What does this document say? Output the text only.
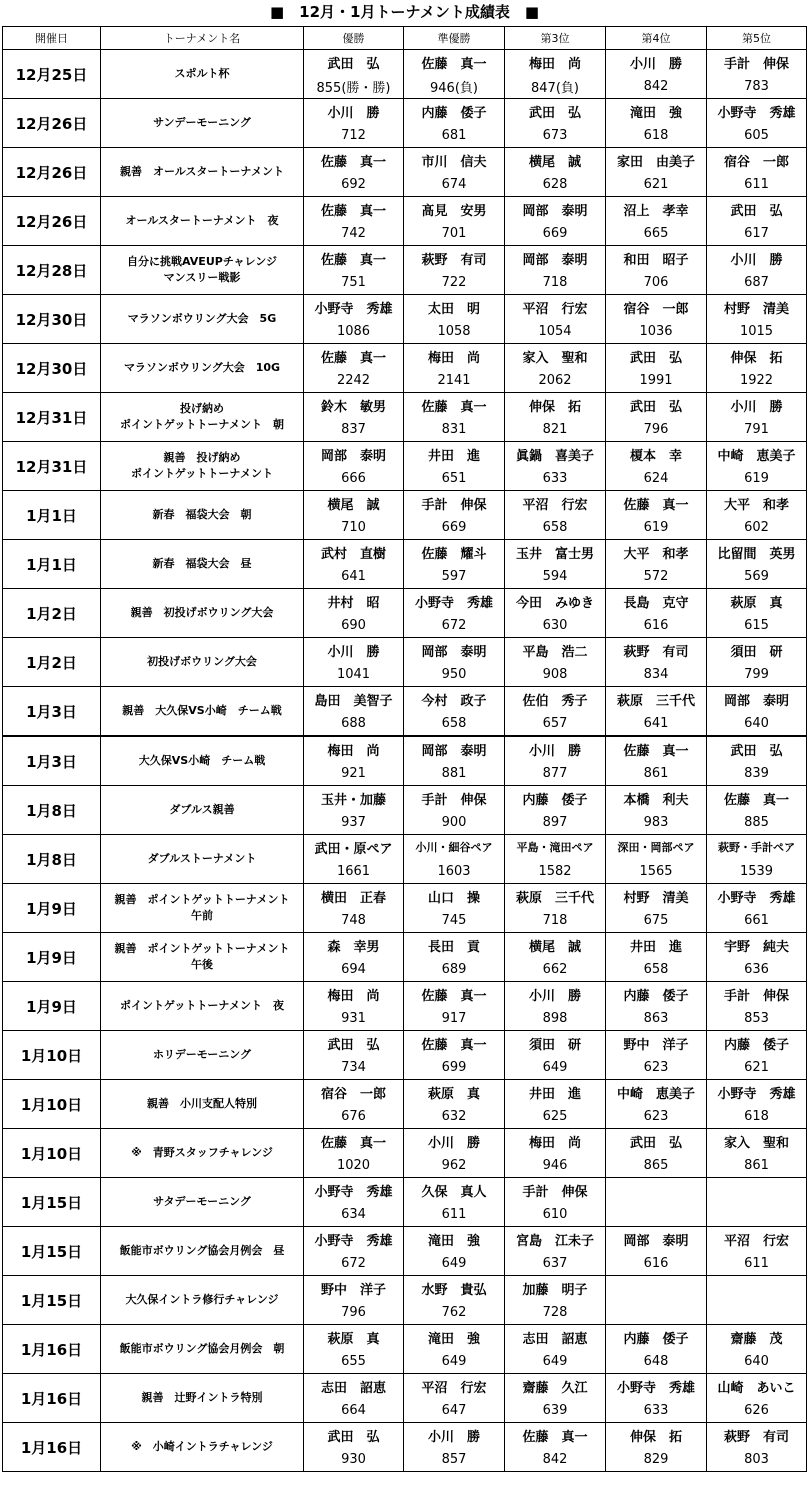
■　12月・1月トーナメント成績表　■
開催日	トーナメント名	優勝	準優勝	第3位	第4位	第5位
12月25日	スポルト杯	武田　弘	佐藤　真一	梅田　尚	小川　勝	手計　伸保
		855(勝・勝)	946(負)	847(負)	842	783
12月26日	サンデーモーニング	小川　勝	内藤　倭子	武田　弘	滝田　強	小野寺　秀雄
		712	681	673	618	605
12月26日	親善　オールスタートーナメント	佐藤　真一	市川　信夫	横尾　誠	家田　由美子	宿谷　一郎
		692	674	628	621	611
12月26日	オールスタートーナメント　夜	佐藤　真一	髙見　安男	岡部　泰明	沼上　孝幸	武田　弘
		742	701	669	665	617
12月28日	自分に挑戦AVEUPチャレンジ
マンスリー戦影	佐藤　真一	萩野　有司	岡部　泰明	和田　昭子	小川　勝
		751	722	718	706	687
12月30日	マラソンボウリング大会　5G	小野寺　秀雄	太田　明	平沼　行宏	宿谷　一郎	村野　清美
		1086	1058	1054	1036	1015
12月30日	マラソンボウリング大会　10G	佐藤　真一	梅田　尚	家入　聖和	武田　弘	伸保　拓
		2242	2141	2062	1991	1922
12月31日	投げ納め
ポイントゲットトーナメント　朝	鈴木　敏男	佐藤　真一	伸保　拓	武田　弘	小川　勝
		837	831	821	796	791
12月31日	親善　投げ納め
ポイントゲットトーナメント	岡部　泰明	井田　進	眞鍋　喜美子	榎本　幸	中崎　恵美子
		666	651	633	624	619
1月1日	新春　福袋大会　朝	横尾　誠	手計　伸保	平沼　行宏	佐藤　真一	大平　和孝
		710	669	658	619	602
1月1日	新春　福袋大会　昼	武村　直樹	佐藤　耀斗	玉井　富士男	大平　和孝	比留間　英男
		641	597	594	572	569
1月2日	親善　初投げボウリング大会	井村　昭	小野寺　秀雄	今田　みゆき	長島　克守	萩原　真
		690	672	630	616	615
1月2日	初投げボウリング大会	小川　勝	岡部　泰明	平島　浩二	萩野　有司	須田　研
		1041	950	908	834	799
1月3日	親善　大久保VS小崎　チーム戦	島田　美智子	今村　政子	佐伯　秀子	萩原　三千代	岡部　泰明
		688	658	657	641	640
1月3日	大久保VS小崎　チーム戦	梅田　尚	岡部　泰明	小川　勝	佐藤　真一	武田　弘
		921	881	877	861	839
1月8日	ダブルス親善	玉井・加藤	手計　伸保	内藤　倭子	本橋　利夫	佐藤　真一
		937	900	897	983	885
1月8日	ダブルストーナメント	武田・原ペア	小川・細谷ペア	平島・滝田ペア	深田・岡部ペア	萩野・手計ペア
		1661	1603	1582	1565	1539
1月9日	親善　ポイントゲットトーナメント
午前	横田　正春	山口　操	萩原　三千代	村野　清美	小野寺　秀雄
		748	745	718	675	661
1月9日	親善　ポイントゲットトーナメント
午後	森　幸男	長田　貢	横尾　誠	井田　進	宇野　純夫
		694	689	662	658	636
1月9日	ポイントゲットトーナメント　夜	梅田　尚	佐藤　真一	小川　勝	内藤　倭子	手計　伸保
		931	917	898	863	853
1月10日	ホリデーモーニング	武田　弘	佐藤　真一	須田　研	野中　洋子	内藤　倭子
		734	699	649	623	621
1月10日	親善　小川支配人特別	宿谷　一郎	萩原　真	井田　進	中崎　恵美子	小野寺　秀雄
		676	632	625	623	618
1月10日	※　青野スタッフチャレンジ	佐藤　真一	小川　勝	梅田　尚	武田　弘	家入　聖和
		1020	962	946	865	861
1月15日	サタデーモーニング	小野寺　秀雄	久保　真人	手計　伸保		
		634	611	610		
1月15日	飯能市ボウリング協会月例会　昼	小野寺　秀雄	滝田　強	宮島　江未子	岡部　泰明	平沼　行宏
		672	649	637	616	611
1月15日	大久保イントラ修行チャレンジ	野中　洋子	水野　貴弘	加藤　明子		
		796	762	728		
1月16日	飯能市ボウリング協会月例会　朝	萩原　真	滝田　強	志田　詔恵	内藤　倭子	齋藤　茂
		655	649	649	648	640
1月16日	親善　辻野イントラ特別	志田　詔恵	平沼　行宏	齋藤　久江	小野寺　秀雄	山崎　あいこ
		664	647	639	633	626
1月16日	※　小崎イントラチャレンジ	武田　弘	小川　勝	佐藤　真一	伸保　拓	萩野　有司
		930	857	842	829	803
